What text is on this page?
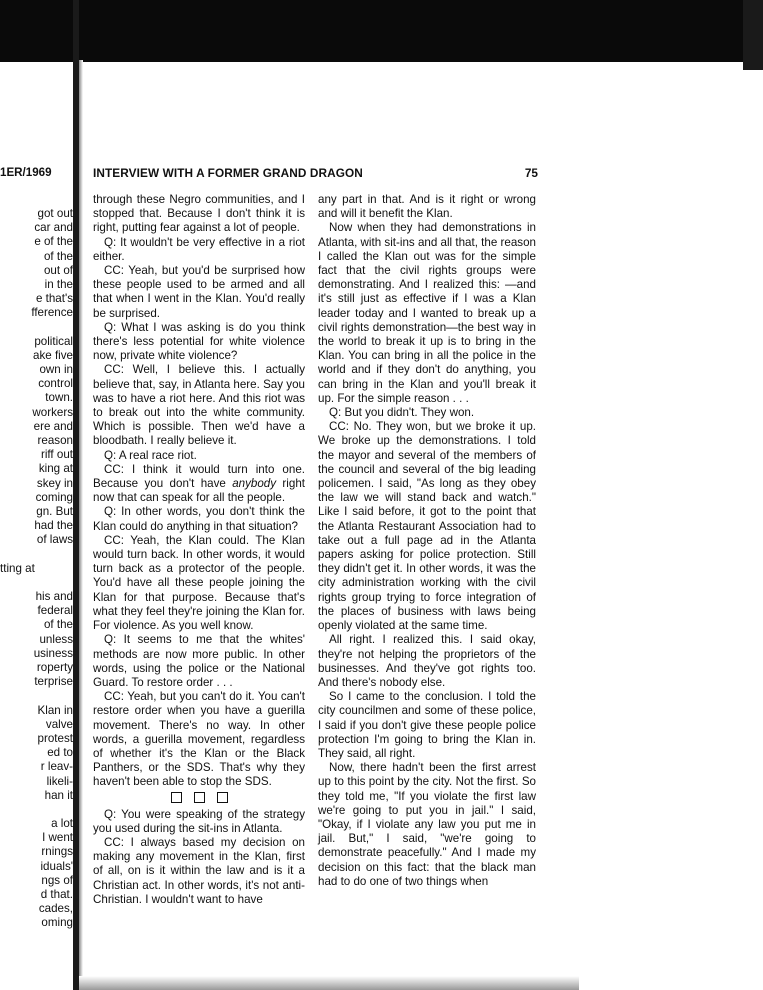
1ER/1969
got out
car and
e of the
of the
out of
in the
e that's
fference
political
ake five
own in
control
town.
workers
ere and
reason
riff out
king at
skey in
coming
gn. But
had the
of laws
tting at
his and
federal
of the
unless
usiness
roperty
terprise
Klan in
valve
protest
ed to
r leav-
likeli-
han it
a lot
I went
rnings
iduals'
ngs of
d that.
cades,
oming
INTERVIEW WITH A FORMER GRAND DRAGON	75

through these Negro communities, and I stopped that. Because I don't think it is right, putting fear against a lot of people.

Q: It wouldn't be very effective in a riot either.

CC: Yeah, but you'd be surprised how these people used to be armed and all that when I went in the Klan. You'd really be surprised.

Q: What I was asking is do you think there's less potential for white violence now, private white violence?

CC: Well, I believe this. I actually believe that, say, in Atlanta here. Say you was to have a riot here. And this riot was to break out into the white community. Which is possible. Then we'd have a bloodbath. I really believe it.

Q: A real race riot.

CC: I think it would turn into one. Because you don't have anybody right now that can speak for all the people.

Q: In other words, you don't think the Klan could do anything in that situation?

CC: Yeah, the Klan could. The Klan would turn back. In other words, it would turn back as a protector of the people. You'd have all these people joining the Klan for that purpose. Because that's what they feel they're joining the Klan for. For violence. As you well know.

Q: It seems to me that the whites' methods are now more public. In other words, using the police or the National Guard. To restore order . . .

CC: Yeah, but you can't do it. You can't restore order when you have a guerilla movement. There's no way. In other words, a guerilla movement, regardless of whether it's the Klan or the Black Panthers, or the SDS. That's why they haven't been able to stop the SDS.

Q: You were speaking of the strategy you used during the sit-ins in Atlanta.

CC: I always based my decision on making any movement in the Klan, first of all, on is it within the law and is it a Christian act. In other words, it's not anti-Christian. I wouldn't want to have

any part in that. And is it right or wrong and will it benefit the Klan.

Now when they had demonstrations in Atlanta, with sit-ins and all that, the reason I called the Klan out was for the simple fact that the civil rights groups were demonstrating. And I realized this: —and it's still just as effective if I was a Klan leader today and I wanted to break up a civil rights demonstration—the best way in the world to break it up is to bring in the Klan. You can bring in all the police in the world and if they don't do anything, you can bring in the Klan and you'll break it up. For the simple reason . . .

Q: But you didn't. They won.

CC: No. They won, but we broke it up. We broke up the demonstrations. I told the mayor and several of the members of the council and several of the big leading policemen. I said, "As long as they obey the law we will stand back and watch." Like I said before, it got to the point that the Atlanta Restaurant Association had to take out a full page ad in the Atlanta papers asking for police protection. Still they didn't get it. In other words, it was the city administration working with the civil rights group trying to force integration of the places of business with laws being openly violated at the same time.

All right. I realized this. I said okay, they're not helping the proprietors of the businesses. And they've got rights too. And there's nobody else.

So I came to the conclusion. I told the city councilmen and some of these police, I said if you don't give these people police protection I'm going to bring the Klan in. They said, all right.

Now, there hadn't been the first arrest up to this point by the city. Not the first. So they told me, "If you violate the first law we're going to put you in jail." I said, "Okay, if I violate any law you put me in jail. But," I said, "we're going to demonstrate peacefully." And I made my decision on this fact: that the black man had to do one of two things when
